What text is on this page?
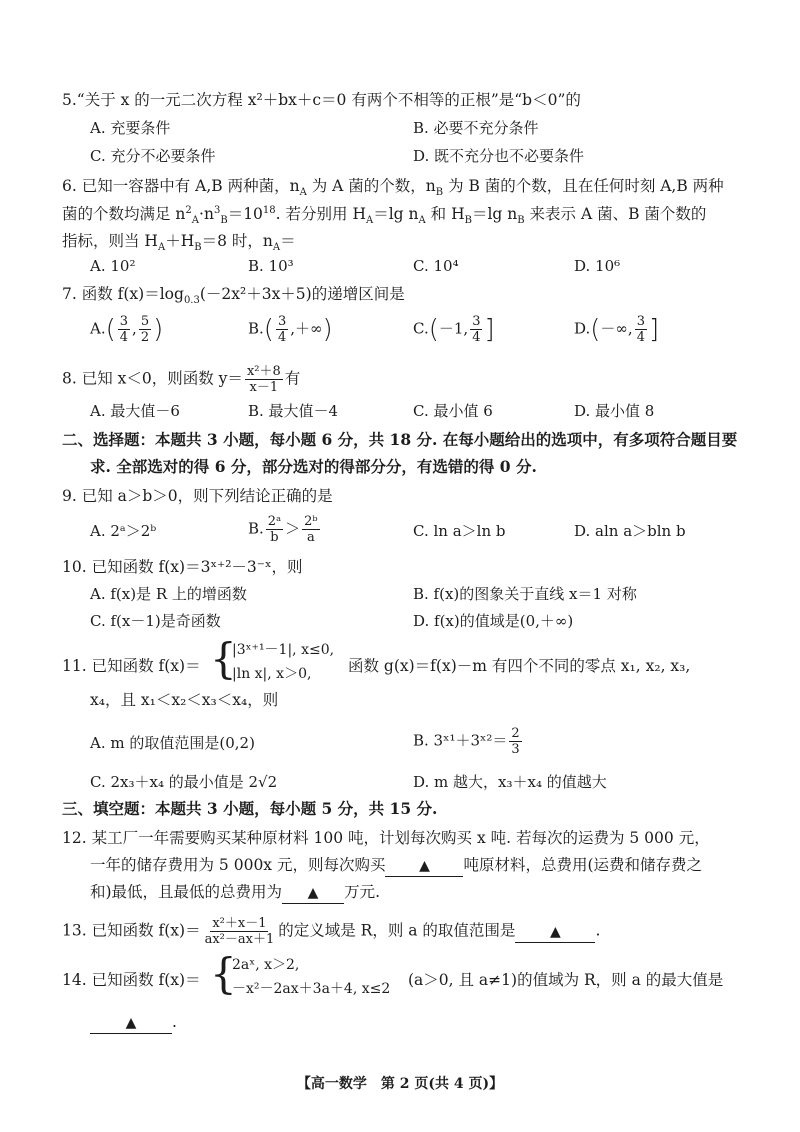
5.“关于 x 的一元二次方程 x²＋bx＋c＝0 有两个不相等的正根”是“b＜0”的
A. 充要条件	B. 必要不充分条件
C. 充分不必要条件	D. 既不充分也不必要条件
6. 已知一容器中有 A,B 两种菌，$n_A$ 为 A 菌的个数，$n_B$ 为 B 菌的个数，且在任何时刻 A,B 两种
菌的个数均满足 $n^2_A\cdot n^3_B=10^{18}$. 若分别用 $H_A=\lg$ $n_A$ 和 $H_B=\lg$ $n_B$ 来表示 A 菌、B 菌个数的
指标，则当 $H_A+H_B=8$ 时，$n_A=$
A. 10²	B. 10³	C. 10⁴	D. 10⁶
7. 函数 $f(x)=\log_{0.3}(-2x^2+3x+5)$的递增区间是
$A.( \frac{3}{4}$ , $\frac{5}{2}$ )	$B.( \frac{3}{4}$ ,＋∞)	C.(－1, $\frac{3}{4}$ ]	D.(－∞, $\frac{3}{4}$ ]
8. 已知 x＜0，则函数 $y= \frac{\text{x²＋8}}{x-1}$ 有
A. 最大值－6	B. 最大值－4	C. 最小值 6	D. 最小值 8
二、选择题：本题共 3 小题，每小题 6 分，共 18 分. 在每小题给出的选项中，有多项符合题目要
求. 全部选对的得 6 分，部分选对的得部分分，有选错的得 0 分.
9. 已知 a＞b＞0，则下列结论正确的是
A. 2ᵃ＞2ᵇ	B. $\frac{\text{2ᵃ}}{b} > \frac{\text{2ᵇ}}{a}$	C. ln a＞ln b	D. aln a＞bln b
10. 已知函数 f(x)＝3ˣ⁺²－3⁻ˣ，则
A. f(x)是 R 上的增函数	B. f(x)的图象关于直线 x＝1 对称
C. f(x－1)是奇函数	D. f(x)的值域是(0,＋∞)
11. 已知函数 f(x)＝ {
|3ˣ⁺¹－1|, x≤0,
|ln x|, x＞0, 函数 g(x)＝f(x)－m 有四个不同的零点 x₁, x₂, x₃,
x₄，且 x₁＜x₂＜x₃＜x₄，则
A. m 的取值范围是(0,2)	B. 3ˣ¹＋3ˣ²＝ $\frac{2}{3}$
C. 2x₃＋x₄ 的最小值是 2√2	D. m 越大，x₃＋x₄ 的值越大
三、填空题：本题共 3 小题，每小题 5 分，共 15 分.
12. 某工厂一年需要购买某种原材料 100 吨，计划每次购买 x 吨. 若每次的运费为 5 000 元，
一年的储存费用为 5 000x 元，则每次购买 ▲ 吨原材料，总费用(运费和储存费之
和)最低，且最低的总费用为 ▲ 万元.
13. 已知函数 $f(x)= \frac{\text{x²＋x－1}}{\text{ax²－ax＋1}}$ 的定义域是 R，则 a 的取值范围是 ▲ .
14. 已知函数 f(x)＝ {
2aˣ, x＞2,
－x²－2ax＋3a＋4, x≤2 (a＞0, 且 a≠1)的值域为 R，则 a 的最大值是
▲ .
【高一数学　第 2 页(共 4 页)】
